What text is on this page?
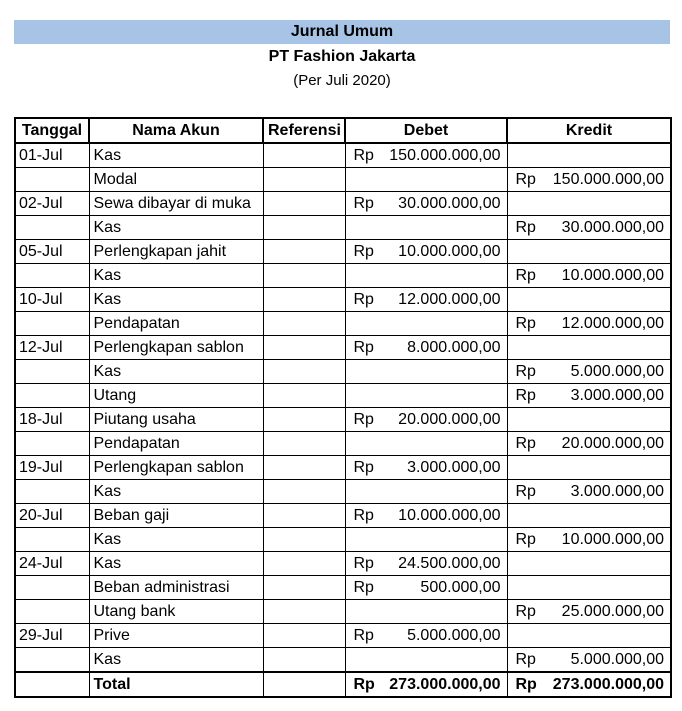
Jurnal Umum
PT Fashion Jakarta
(Per Juli 2020)
Tanggal	Nama Akun	Referensi	Debet	Kredit
01-Jul	Kas		Rp 150.000.000,00	

	Modal			Rp 150.000.000,00

02-Jul	Sewa dibayar di muka		Rp 30.000.000,00	

	Kas			Rp 30.000.000,00

05-Jul	Perlengkapan jahit		Rp 10.000.000,00	

	Kas			Rp 10.000.000,00

10-Jul	Kas		Rp 12.000.000,00	

	Pendapatan			Rp 12.000.000,00

12-Jul	Perlengkapan sablon		Rp 8.000.000,00	

	Kas			Rp 5.000.000,00

	Utang			Rp 3.000.000,00

18-Jul	Piutang usaha		Rp 20.000.000,00	

	Pendapatan			Rp 20.000.000,00

19-Jul	Perlengkapan sablon		Rp 3.000.000,00	

	Kas			Rp 3.000.000,00

20-Jul	Beban gaji		Rp 10.000.000,00	

	Kas			Rp 10.000.000,00

24-Jul	Kas		Rp 24.500.000,00	

	Beban administrasi		Rp 500.000,00	

	Utang bank			Rp 25.000.000,00

29-Jul	Prive		Rp 5.000.000,00	

	Kas			Rp 5.000.000,00

	Total		Rp 273.000.000,00	Rp 273.000.000,00
